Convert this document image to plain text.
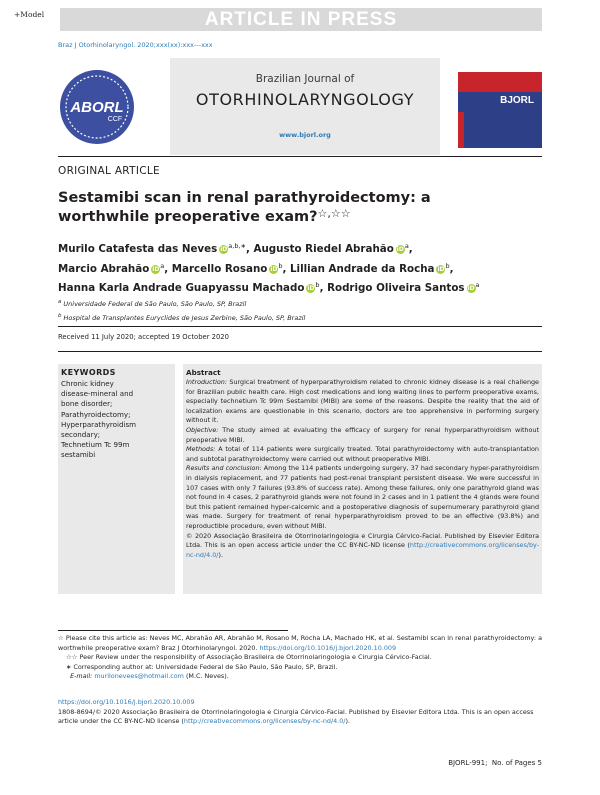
+Model	ARTICLE IN PRESS
Braz J Otorhinolaryngol. 2020;xxx(xx):xxx---xxx
ABORL
CCF
Brazilian Journal of
OTORHINOLARYNGOLOGY
www.bjorl.org
BJORL
ORIGINAL ARTICLE
Sestamibi scan in renal parathyroidectomy: a worthwhile preoperative exam?☆,☆☆
Murilo Catafesta das Neves $iD^{a,b,∗}$, Augusto Riedel Abrahão $iD^a$,
Marcio Abrahão $iD^a$, Marcello Rosano $iD^b$, Lillian Andrade da Rocha $iD^b$,
Hanna Karla Andrade Guapyassu Machado $iD^b$, Rodrigo Oliveira Santos $iD^a$
$^a$ Universidade Federal de São Paulo, São Paulo, SP, Brazil
$^b$ Hospital de Transplantes Euryclides de Jesus Zerbine, São Paulo, SP, Brazil
Received 11 July 2020; accepted 19 October 2020
KEYWORDS
Chronic kidney
disease-mineral and
bone disorder;
Parathyroidectomy;
Hyperparathyroidism
secondary;
Technetium Tc 99m
sestamibi
Abstract

Introduction: Surgical treatment of hyperparathyroidism related to chronic kidney disease is a real challenge for Brazilian public health care. High cost medications and long waiting lines to perform preoperative exams, especially technetium Tc 99m Sestamibi (MIBI) are some of the reasons. Despite the reality that the aid of localization exams are questionable in this scenario, doctors are too apprehensive in performing surgery without it.

Objective: The study aimed at evaluating the efficacy of surgery for renal hyperparathyroidism without preoperative MIBI.

Methods: A total of 114 patients were surgically treated. Total parathyroidectomy with auto-transplantation and subtotal parathyroidectomy were carried out without preoperative MIBI.

Results and conclusion: Among the 114 patients undergoing surgery, 37 had secondary hyper-parathyroidism in dialysis replacement, and 77 patients had post-renal transplant persistent disease. We were successful in 107 cases with only 7 failures (93.8% of success rate). Among these failures, only one parathyroid gland was not found in 4 cases, 2 parathyroid glands were not found in 2 cases and in 1 patient the 4 glands were found but this patient remained hyper-calcemic and a postoperative diagnosis of supernumerary parathyroid gland was made. Surgery for treatment of renal hyperparathyroidism proved to be an effective (93.8%) and reproductible procedure, even without MIBI.

© 2020 Associação Brasileira de Otorrinolaringologia e Cirurgia Cérvico-Facial. Published by Elsevier Editora Ltda. This is an open access article under the CC BY-NC-ND license (http://creativecommons.org/licenses/by-nc-nd/4.0/).

☆ Please cite this article as: Neves MC, Abrahão AR, Abrahão M, Rosano M, Rocha LA, Machado HK, et al. Sestamibi scan in renal parathyroidectomy: a worthwhile preoperative exam? Braz J Otorhinolaryngol. 2020. https://doi.org/10.1016/j.bjorl.2020.10.009
☆☆ Peer Review under the responsibility of Associação Brasileira de Otorrinolaringologia e Cirurgia Cérvico-Facial.
∗ Corresponding author at: Universidade Federal de São Paulo, São Paulo, SP, Brazil.
E-mail: murilonevees@hotmail.com (M.C. Neves).
https://doi.org/10.1016/j.bjorl.2020.10.009
1808-8694/© 2020 Associação Brasileira de Otorrinolaringologia e Cirurgia Cérvico-Facial. Published by Elsevier Editora Ltda. This is an open access article under the CC BY-NC-ND license (http://creativecommons.org/licenses/by-nc-nd/4.0/).
BJORL-991; No. of Pages 5
